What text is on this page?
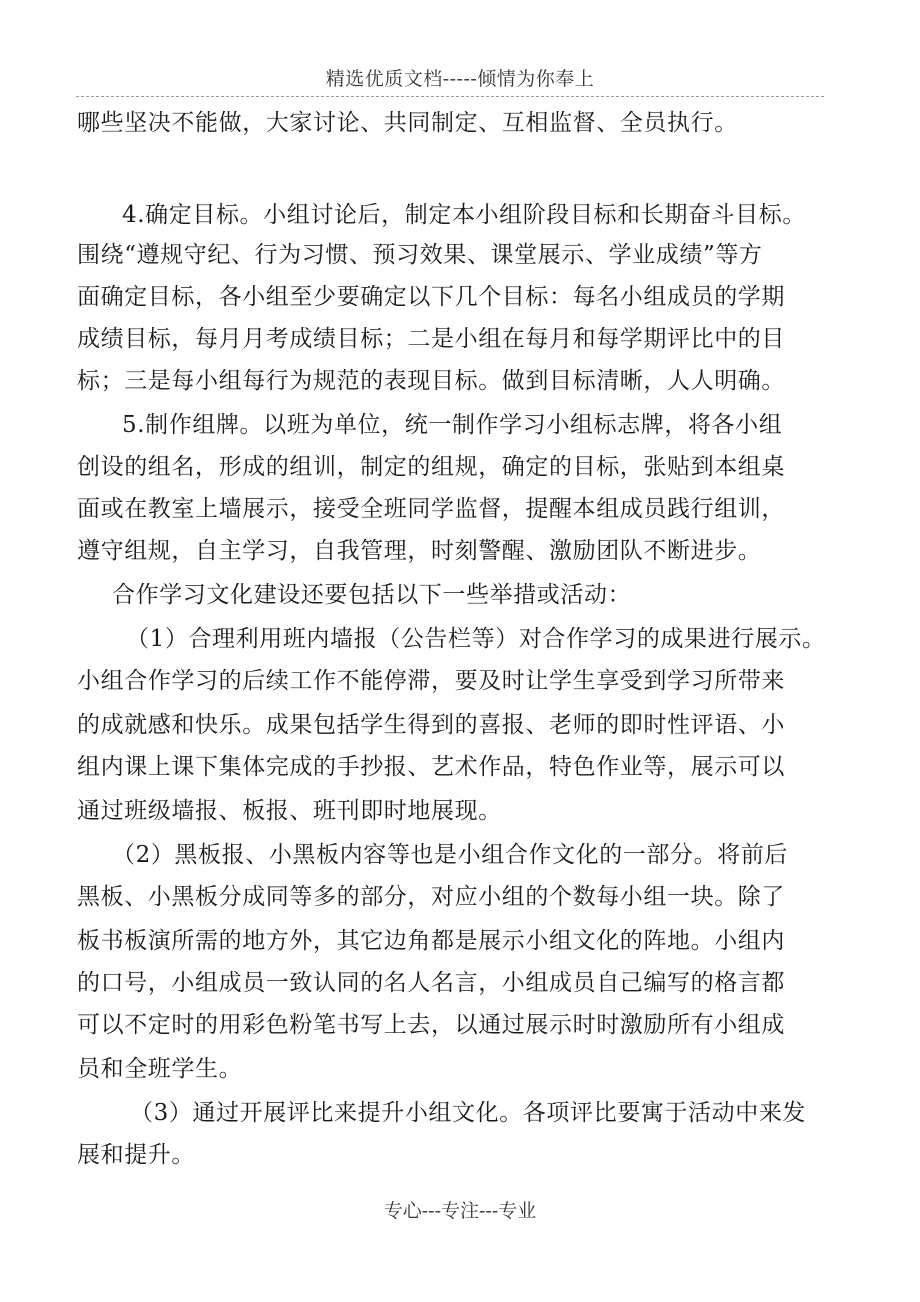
精选优质文档-----倾情为你奉上
哪些坚决不能做，大家讨论、共同制定、互相监督、全员执行。
4.确定目标。小组讨论后，制定本小组阶段目标和长期奋斗目标。
围绕“遵规守纪、行为习惯、预习效果、课堂展示、学业成绩”等方
面确定目标，各小组至少要确定以下几个目标：每名小组成员的学期
成绩目标，每月月考成绩目标；二是小组在每月和每学期评比中的目
标；三是每小组每行为规范的表现目标。做到目标清晰，人人明确。
5.制作组牌。以班为单位，统一制作学习小组标志牌，将各小组
创设的组名，形成的组训，制定的组规，确定的目标，张贴到本组桌
面或在教室上墙展示，接受全班同学监督，提醒本组成员践行组训，
遵守组规，自主学习，自我管理，时刻警醒、激励团队不断进步。
合作学习文化建设还要包括以下一些举措或活动：
（1）合理利用班内墙报（公告栏等）对合作学习的成果进行展示。
小组合作学习的后续工作不能停滞，要及时让学生享受到学习所带来
的成就感和快乐。成果包括学生得到的喜报、老师的即时性评语、小
组内课上课下集体完成的手抄报、艺术作品，特色作业等，展示可以
通过班级墙报、板报、班刊即时地展现。
（2）黑板报、小黑板内容等也是小组合作文化的一部分。将前后
黑板、小黑板分成同等多的部分，对应小组的个数每小组一块。除了
板书板演所需的地方外，其它边角都是展示小组文化的阵地。小组内
的口号，小组成员一致认同的名人名言，小组成员自己编写的格言都
可以不定时的用彩色粉笔书写上去，以通过展示时时激励所有小组成
员和全班学生。
（3）通过开展评比来提升小组文化。各项评比要寓于活动中来发
展和提升。
专心---专注---专业
